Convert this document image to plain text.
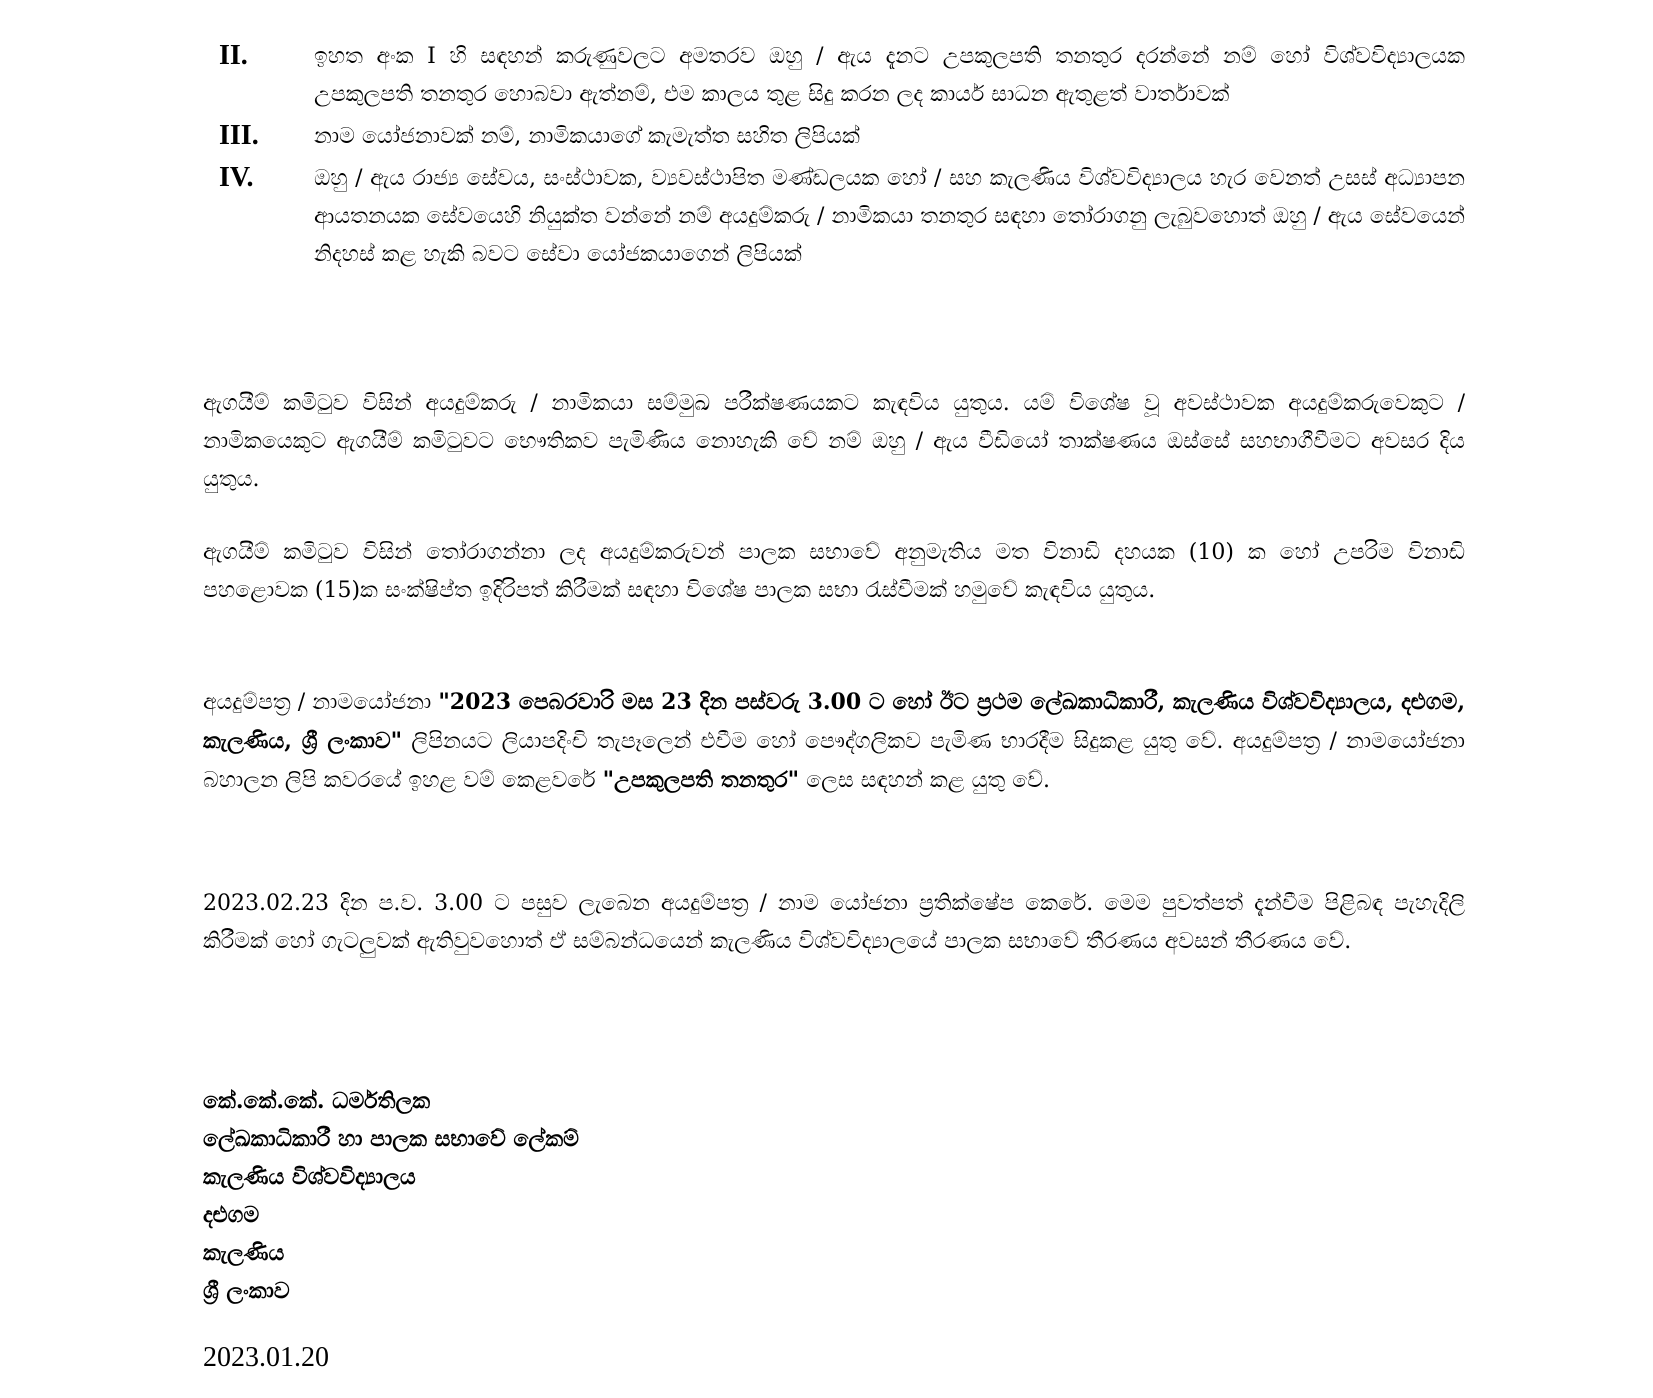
II.	ඉහත අංක I හි සඳහන් කරුණුවලට අමතරව ඔහු / ඇය දැනට උපකුලපති තනතුර දරන්නේ නම් හෝ විශ්වවිද්‍යාලයක උපකුලපති තනතුර හොබවා ඇත්නම්, එම කාලය තුළ සිදු කරන ලද කාර්ය සාධන ඇතුළත් වාර්තාවක්
III.	නාම යෝජනාවක් නම්, නාමිකයාගේ කැමැත්ත සහිත ලිපියක්
IV.	ඔහු / ඇය රාජ්‍ය සේවය, සංස්ථාවක, ව්‍යවස්ථාපිත මණ්ඩලයක හෝ / සහ කැලණිය විශ්වවිද්‍යාලය හැර වෙනත් උසස් අධ්‍යාපන ආයතනයක සේවයෙහි නියුක්ත වන්නේ නම් අයදුම්කරු / නාමිකයා තනතුර සඳහා තෝරාගනු ලැබුවහොත් ඔහු / ඇය සේවයෙන් නිදහස් කළ හැකි බවට සේවා යෝජකයාගෙන් ලිපියක්

ඇගයීම් කමිටුව විසින් අයදුම්කරු / නාමිකයා සම්මුඛ පරීක්ෂණයකට කැඳවිය යුතුය. යම් විශේෂ වූ අවස්ථාවක අයදුම්කරුවෙකුට / නාමිකයෙකුට ඇගයීම් කමිටුවට භෞතිකව පැමිණිය නොහැකි වේ නම් ඔහු / ඇය වීඩියෝ තාක්ෂණය ඔස්සේ සහභාගීවීමට අවසර දිය යුතුය.

ඇගයීම් කමිටුව විසින් තෝරාගන්නා ලද අයදුම්කරුවන් පාලක සභාවේ අනුමැතිය මත විනාඩි දහයක (10) ක හෝ උපරිම විනාඩි පහළොවක (15)ක සංක්ෂිප්ත ඉදිරිපත් කිරීමක් සඳහා විශේෂ පාලක සභා රැස්වීමක් හමුවේ කැඳවිය යුතුය.

අයදුම්පත්‍ර / නාමයෝජනා "2023 පෙබරවාරි මස 23 දින පස්වරු 3.00 ට හෝ ඊට ප්‍රථම ලේඛකාධිකාරී, කැලණිය විශ්වවිද්‍යාලය, දළුගම, කැලණිය, ශ්‍රී ලංකාව" ලිපිනයට ලියාපදිංචි තැපෑලෙන් එවීම හෝ පෞද්ගලිකව පැමිණ භාරදීම සිදුකළ යුතු වේ. අයදුම්පත්‍ර / නාමයෝජනා බහාලන ලිපි කවරයේ ඉහළ වම් කෙළවරේ "උපකුලපති තනතුර" ලෙස සඳහන් කළ යුතු වේ.

2023.02.23 දින ප.ව. 3.00 ට පසුව ලැබෙන අයදුම්පත්‍ර / නාම යෝජනා ප්‍රතික්ෂේප කෙරේ. මෙම පුවත්පත් දැන්වීම පිළිබඳ පැහැදිලි කිරීමක් හෝ ගැටලුවක් ඇතිවුවහොත් ඒ සම්බන්ධයෙන් කැලණිය විශ්වවිද්‍යාලයේ පාලක සභාවේ තීරණය අවසන් තීරණය වේ.

කේ.කේ.කේ. ධර්මතිලක
ලේඛකාධිකාරී හා පාලක සභාවේ ලේකම්
කැලණිය විශ්වවිද්‍යාලය
දළුගම
කැලණිය
ශ්‍රී ලංකාව
2023.01.20
